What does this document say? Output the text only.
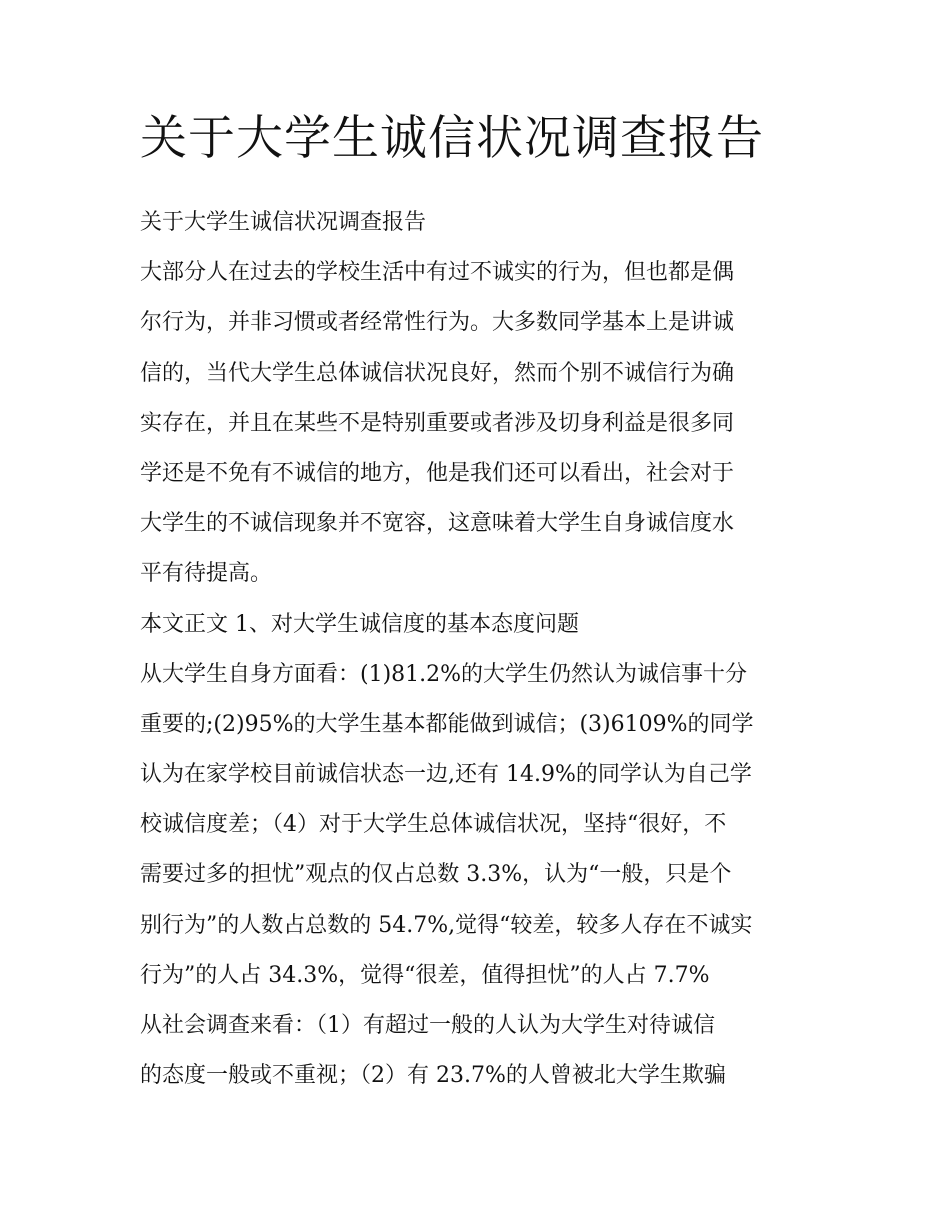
关于大学生诚信状况调查报告
关于大学生诚信状况调查报告
大部分人在过去的学校生活中有过不诚实的行为，但也都是偶
尔行为，并非习惯或者经常性行为。大多数同学基本上是讲诚
信的，当代大学生总体诚信状况良好，然而个别不诚信行为确
实存在，并且在某些不是特别重要或者涉及切身利益是很多同
学还是不免有不诚信的地方，他是我们还可以看出，社会对于
大学生的不诚信现象并不宽容，这意味着大学生自身诚信度水
平有待提高。
本文正文 1、对大学生诚信度的基本态度问题
从大学生自身方面看：(1)81.2%的大学生仍然认为诚信事十分
重要的;(2)95%的大学生基本都能做到诚信；(3)6109%的同学
认为在家学校目前诚信状态一边,还有 14.9%的同学认为自己学
校诚信度差；（4）对于大学生总体诚信状况，坚持“很好，不
需要过多的担忧”观点的仅占总数 3.3%，认为“一般，只是个
别行为”的人数占总数的 54.7%,觉得“较差，较多人存在不诚实
行为”的人占 34.3%，觉得“很差，值得担忧”的人占 7.7%
从社会调查来看：（1）有超过一般的人认为大学生对待诚信
的态度一般或不重视；（2）有 23.7%的人曾被北大学生欺骗
